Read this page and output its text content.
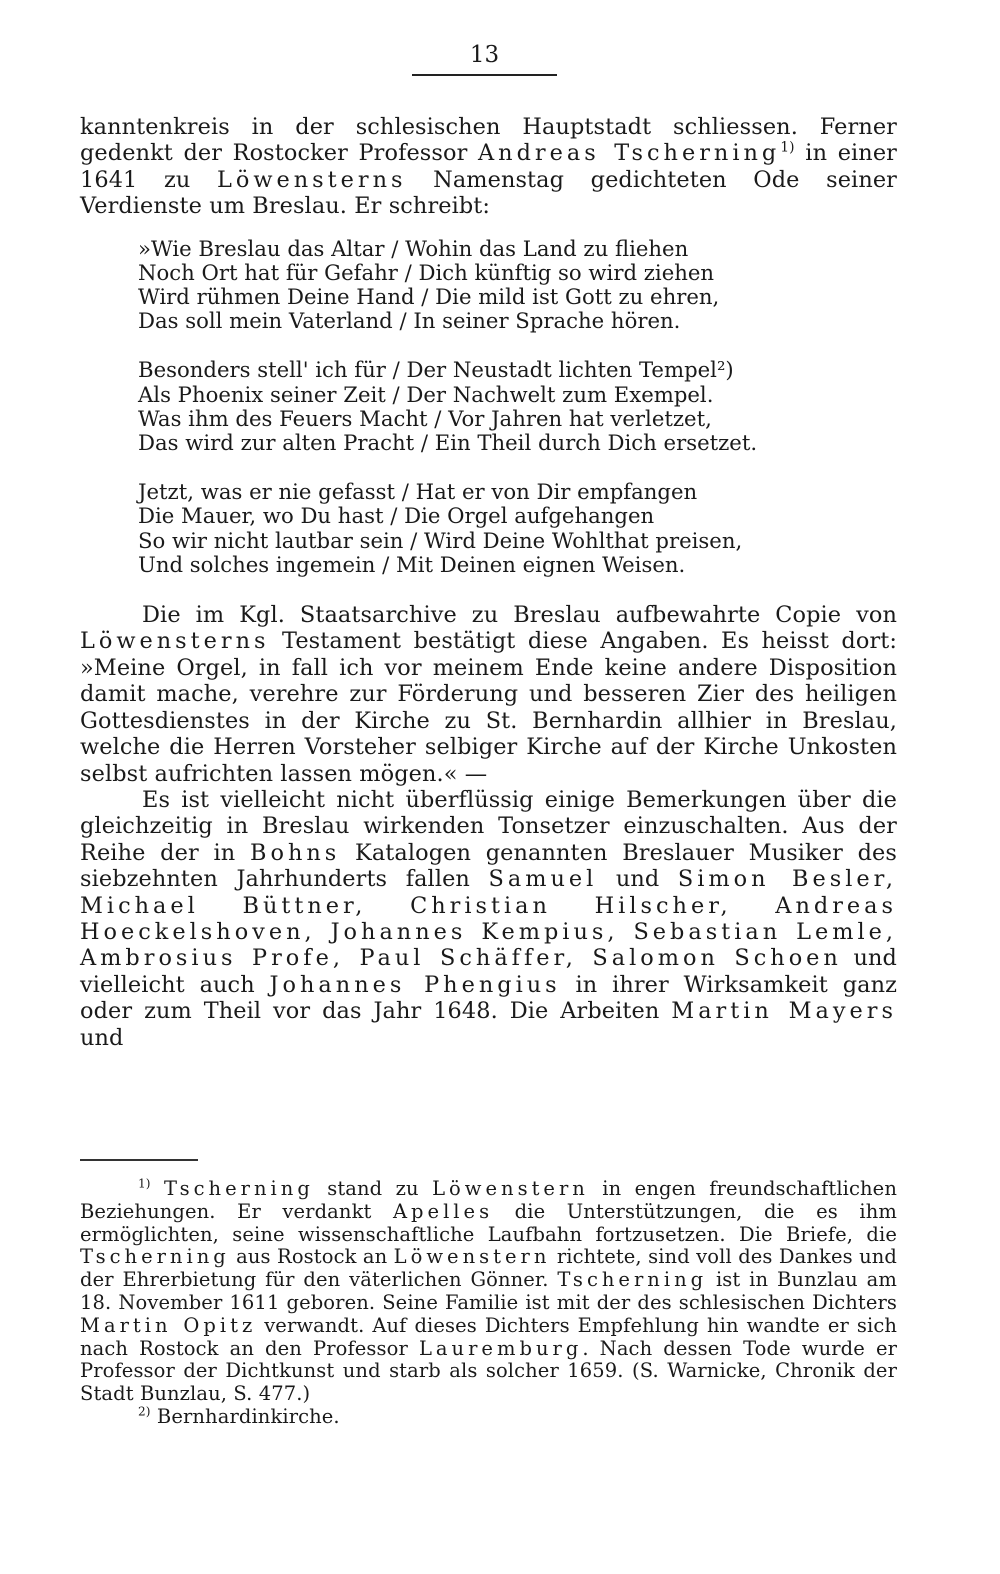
13

kanntenkreis in der schlesischen Hauptstadt schliessen. Ferner gedenkt der Rostocker Professor Andreas Tscherning$^{1)}$ in einer 1641 zu Löwensterns Namenstag gedichteten Ode seiner Verdienste um Breslau. Er schreibt:

»Wie Breslau das Altar / Wohin das Land zu fliehen
Noch Ort hat für Gefahr / Dich künftig so wird ziehen
Wird rühmen Deine Hand / Die mild ist Gott zu ehren,
Das soll mein Vaterland / In seiner Sprache hören.
Besonders stell' ich für / Der Neustadt lichten Tempel²)
Als Phoenix seiner Zeit / Der Nachwelt zum Exempel.
Was ihm des Feuers Macht / Vor Jahren hat verletzet,
Das wird zur alten Pracht / Ein Theil durch Dich ersetzet.
Jetzt, was er nie gefasst / Hat er von Dir empfangen
Die Mauer, wo Du hast / Die Orgel aufgehangen
So wir nicht lautbar sein / Wird Deine Wohlthat preisen,
Und solches ingemein / Mit Deinen eignen Weisen.

Die im Kgl. Staatsarchive zu Breslau aufbewahrte Copie von Löwensterns Testament bestätigt diese Angaben. Es heisst dort: »Meine Orgel, in fall ich vor meinem Ende keine andere Disposition damit mache, verehre zur Förderung und besseren Zier des heiligen Gottesdienstes in der Kirche zu St. Bernhardin allhier in Breslau, welche die Herren Vorsteher selbiger Kirche auf der Kirche Unkosten selbst aufrichten lassen mögen.« —

Es ist vielleicht nicht überflüssig einige Bemerkungen über die gleichzeitig in Breslau wirkenden Tonsetzer einzuschalten. Aus der Reihe der in Bohns Katalogen genannten Breslauer Musiker des siebzehnten Jahrhunderts fallen Samuel und Simon Besler, Michael Büttner, Christian Hilscher, Andreas Hoeckelshoven, Johannes Kempius, Sebastian Lemle, Ambrosius Profe, Paul Schäffer, Salomon Schoen und vielleicht auch Johannes Phengius in ihrer Wirksamkeit ganz oder zum Theil vor das Jahr 1648. Die Arbeiten Martin Mayers und

$^{1)}$ Tscherning stand zu Löwenstern in engen freundschaftlichen Beziehungen. Er verdankt Apelles die Unterstützungen, die es ihm ermöglichten, seine wissenschaftliche Laufbahn fortzusetzen. Die Briefe, die Tscherning aus Rostock an Löwenstern richtete, sind voll des Dankes und der Ehrerbietung für den väterlichen Gönner. Tscherning ist in Bunzlau am 18. November 1611 geboren. Seine Familie ist mit der des schlesischen Dichters Martin Opitz verwandt. Auf dieses Dichters Empfehlung hin wandte er sich nach Rostock an den Professor Lauremburg. Nach dessen Tode wurde er Professor der Dichtkunst und starb als solcher 1659. (S. Warnicke, Chronik der Stadt Bunzlau, S. 477.)

$^{2)}$ Bernhardinkirche.
